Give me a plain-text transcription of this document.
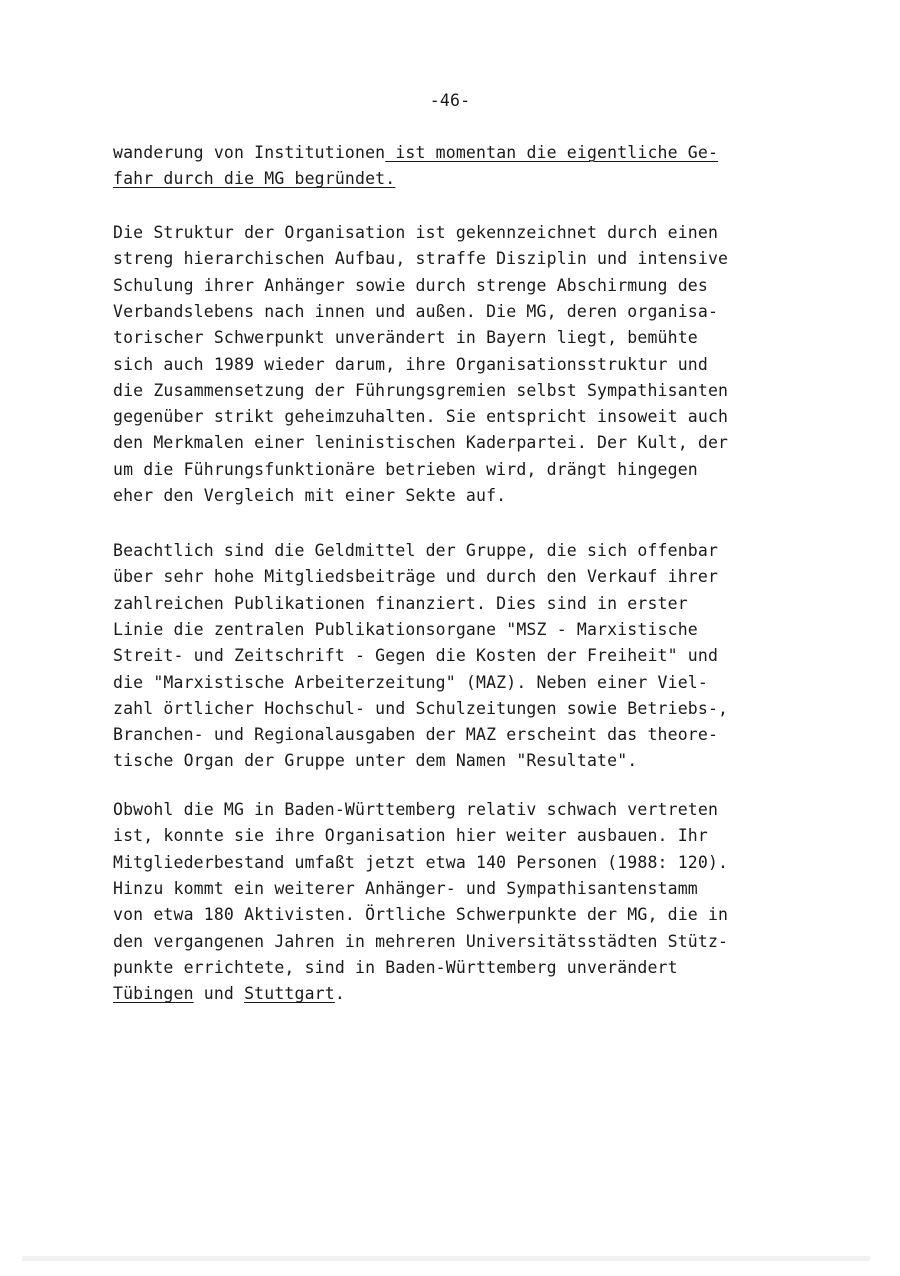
-46-
wanderung von Institutionen ist momentan die eigentliche Ge-
fahr durch die MG begründet.
Die Struktur der Organisation ist gekennzeichnet durch einen
streng hierarchischen Aufbau, straffe Disziplin und intensive
Schulung ihrer Anhänger sowie durch strenge Abschirmung des
Verbandslebens nach innen und außen. Die MG, deren organisa-
torischer Schwerpunkt unverändert in Bayern liegt, bemühte
sich auch 1989 wieder darum, ihre Organisationsstruktur und
die Zusammensetzung der Führungsgremien selbst Sympathisanten
gegenüber strikt geheimzuhalten. Sie entspricht insoweit auch
den Merkmalen einer leninistischen Kaderpartei. Der Kult, der
um die Führungsfunktionäre betrieben wird, drängt hingegen
eher den Vergleich mit einer Sekte auf.
Beachtlich sind die Geldmittel der Gruppe, die sich offenbar
über sehr hohe Mitgliedsbeiträge und durch den Verkauf ihrer
zahlreichen Publikationen finanziert. Dies sind in erster
Linie die zentralen Publikationsorgane "MSZ - Marxistische
Streit- und Zeitschrift - Gegen die Kosten der Freiheit" und
die "Marxistische Arbeiterzeitung" (MAZ). Neben einer Viel-
zahl örtlicher Hochschul- und Schulzeitungen sowie Betriebs-,
Branchen- und Regionalausgaben der MAZ erscheint das theore-
tische Organ der Gruppe unter dem Namen "Resultate".
Obwohl die MG in Baden-Württemberg relativ schwach vertreten
ist, konnte sie ihre Organisation hier weiter ausbauen. Ihr
Mitgliederbestand umfaßt jetzt etwa 140 Personen (1988: 120).
Hinzu kommt ein weiterer Anhänger- und Sympathisantenstamm
von etwa 180 Aktivisten. Örtliche Schwerpunkte der MG, die in
den vergangenen Jahren in mehreren Universitätsstädten Stütz-
punkte errichtete, sind in Baden-Württemberg unverändert
Tübingen und Stuttgart.
